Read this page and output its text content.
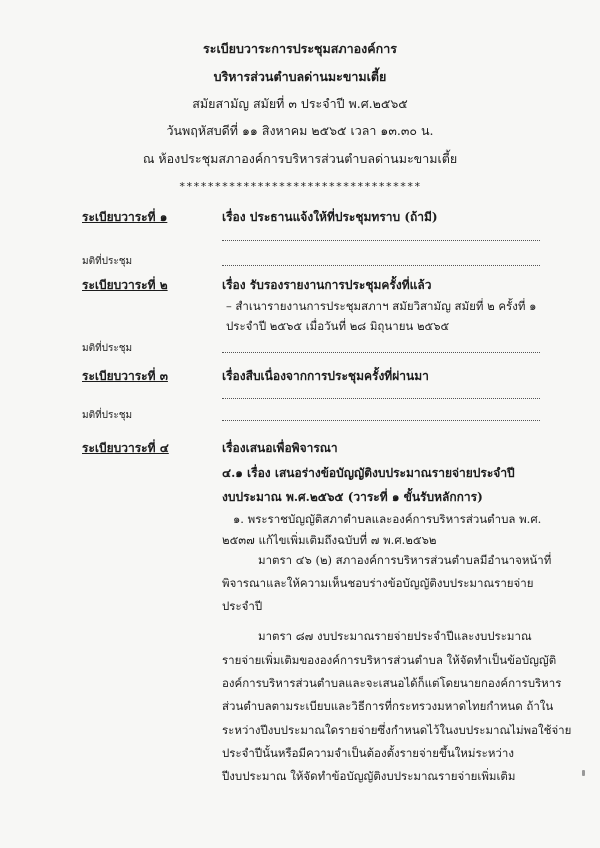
ระเบียบวาระการประชุมสภาองค์การ
บริหารส่วนตำบลด่านมะขามเตี้ย
สมัยสามัญ สมัยที่ ๓ ประจำปี พ.ศ.๒๕๖๕
วันพฤหัสบดีที่ ๑๑ สิงหาคม ๒๕๖๕ เวลา ๑๓.๓๐ น.
ณ ห้องประชุมสภาองค์การบริหารส่วนตำบลด่านมะขามเตี้ย
**********************************
ระเบียบวาระที่ ๑	เรื่อง ประธานแจ้งให้ที่ประชุมทราบ (ถ้ามี)
มติที่ประชุม
ระเบียบวาระที่ ๒	เรื่อง รับรองรายงานการประชุมครั้งที่แล้ว
– สำเนารายงานการประชุมสภาฯ สมัยวิสามัญ สมัยที่ ๒ ครั้งที่ ๑
ประจำปี ๒๕๖๕ เมื่อวันที่ ๒๘ มิถุนายน ๒๕๖๕
มติที่ประชุม
ระเบียบวาระที่ ๓	เรื่องสืบเนื่องจากการประชุมครั้งที่ผ่านมา
มติที่ประชุม
ระเบียบวาระที่ ๔	เรื่องเสนอเพื่อพิจารณา
๔.๑ เรื่อง เสนอร่างข้อบัญญัติงบประมาณรายจ่ายประจำปี
งบประมาณ พ.ศ.๒๕๖๕ (วาระที่ ๑ ขั้นรับหลักการ)
๑. พระราชบัญญัติสภาตำบลและองค์การบริหารส่วนตำบล พ.ศ.
๒๕๓๗ แก้ไขเพิ่มเติมถึงฉบับที่ ๗ พ.ศ.๒๕๖๒
มาตรา ๔๖ (๒) สภาองค์การบริหารส่วนตำบลมีอำนาจหน้าที่
พิจารณาและให้ความเห็นชอบร่างข้อบัญญัติงบประมาณรายจ่าย
ประจำปี
มาตรา ๘๗ งบประมาณรายจ่ายประจำปีและงบประมาณ
รายจ่ายเพิ่มเติมขององค์การบริหารส่วนตำบล ให้จัดทำเป็นข้อบัญญัติ
องค์การบริหารส่วนตำบลและจะเสนอได้ก็แต่โดยนายกองค์การบริหาร
ส่วนตำบลตามระเบียบและวิธีการที่กระทรวงมหาดไทยกำหนด ถ้าใน
ระหว่างปีงบประมาณใดรายจ่ายซึ่งกำหนดไว้ในงบประมาณไม่พอใช้จ่าย
ประจำปีนั้นหรือมีความจำเป็นต้องตั้งรายจ่ายขึ้นใหม่ระหว่าง
ปีงบประมาณ ให้จัดทำข้อบัญญัติงบประมาณรายจ่ายเพิ่มเติม
